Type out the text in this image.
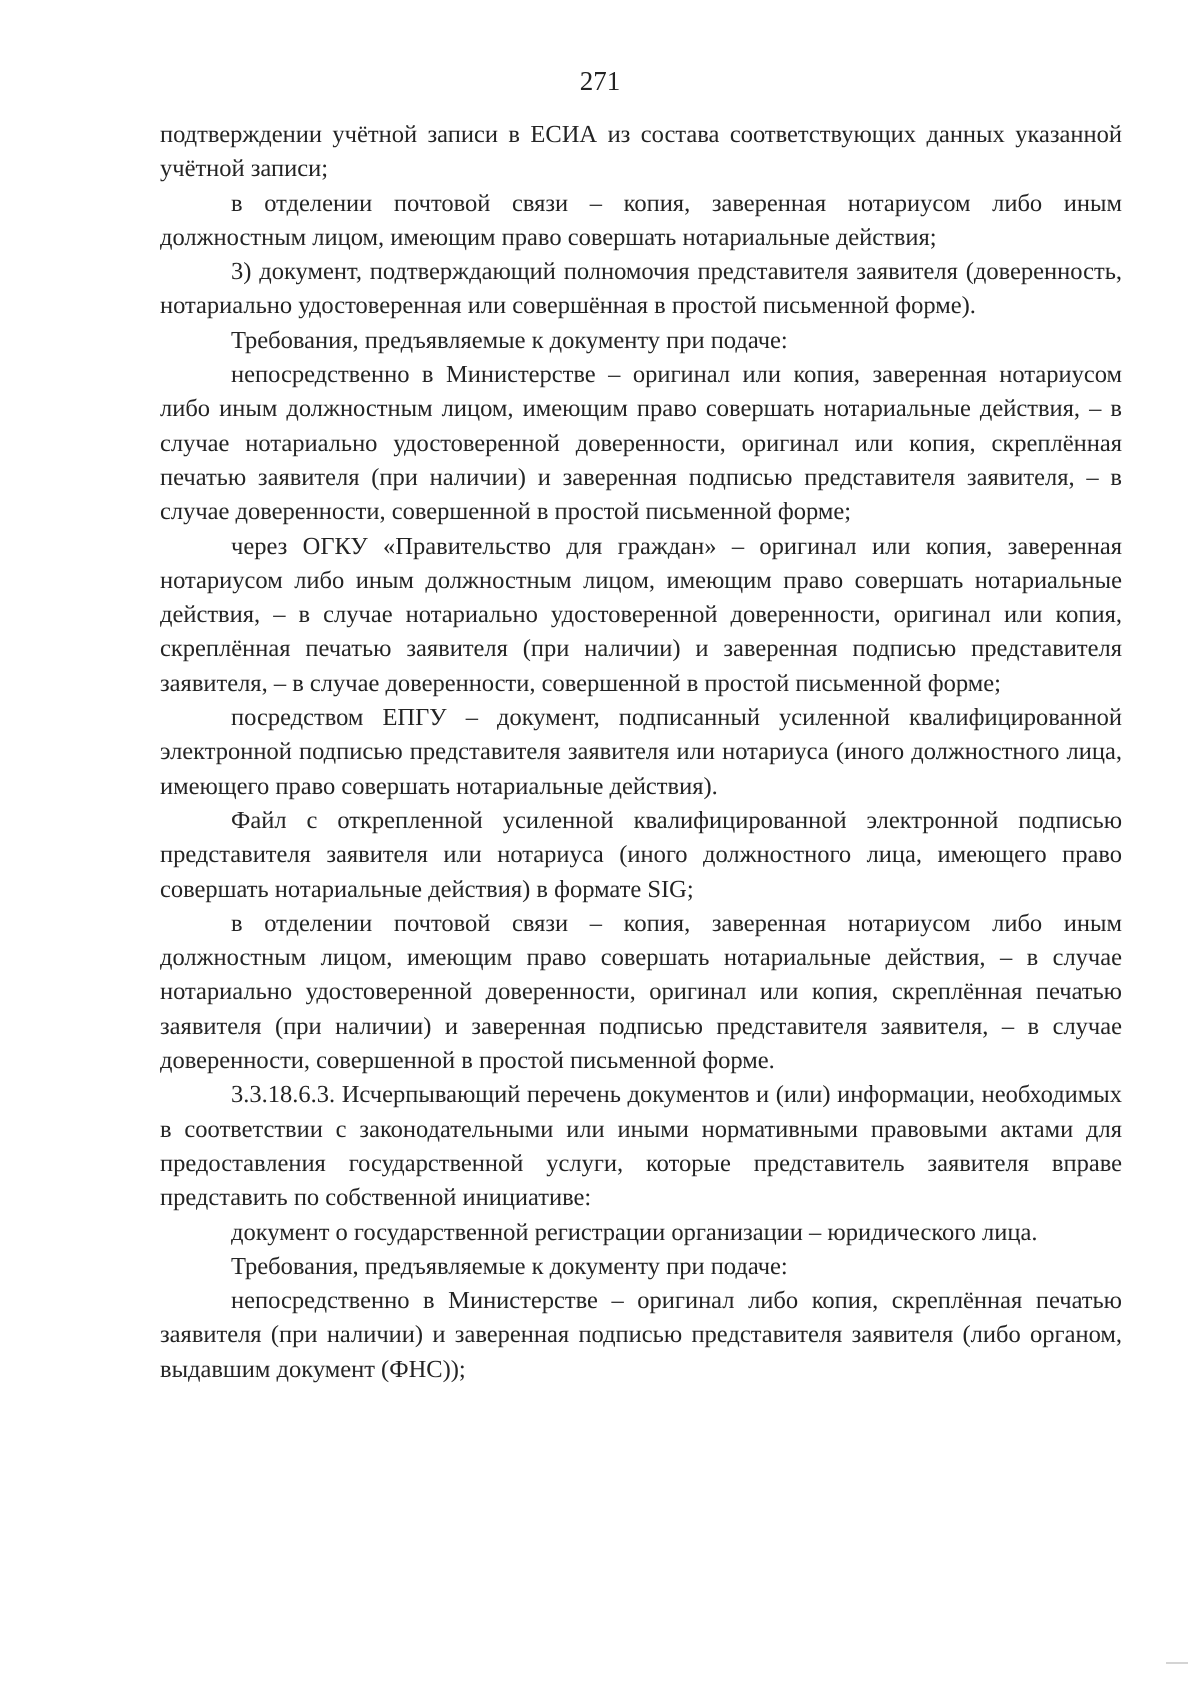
271

подтверждении учётной записи в ЕСИА из состава соответствующих данных указанной учётной записи;

в отделении почтовой связи – копия, заверенная нотариусом либо иным должностным лицом, имеющим право совершать нотариальные действия;

3) документ, подтверждающий полномочия представителя заявителя (доверенность, нотариально удостоверенная или совершённая в простой письменной форме).

Требования, предъявляемые к документу при подаче:

непосредственно в Министерстве – оригинал или копия, заверенная нотариусом либо иным должностным лицом, имеющим право совершать нотариальные действия, – в случае нотариально удостоверенной доверенности, оригинал или копия, скреплённая печатью заявителя (при наличии) и заверенная подписью представителя заявителя, – в случае доверенности, совершенной в простой письменной форме;

через ОГКУ «Правительство для граждан» – оригинал или копия, заверенная нотариусом либо иным должностным лицом, имеющим право совершать нотариальные действия, – в случае нотариально удостоверенной доверенности, оригинал или копия, скреплённая печатью заявителя (при наличии) и заверенная подписью представителя заявителя, – в случае доверенности, совершенной в простой письменной форме;

посредством ЕПГУ – документ, подписанный усиленной квалифицированной электронной подписью представителя заявителя или нотариуса (иного должностного лица, имеющего право совершать нотариальные действия).

Файл с открепленной усиленной квалифицированной электронной подписью представителя заявителя или нотариуса (иного должностного лица, имеющего право совершать нотариальные действия) в формате SIG;

в отделении почтовой связи – копия, заверенная нотариусом либо иным должностным лицом, имеющим право совершать нотариальные действия, – в случае нотариально удостоверенной доверенности, оригинал или копия, скреплённая печатью заявителя (при наличии) и заверенная подписью представителя заявителя, – в случае доверенности, совершенной в простой письменной форме.

3.3.18.6.3. Исчерпывающий перечень документов и (или) информации, необходимых в соответствии с законодательными или иными нормативными правовыми актами для предоставления государственной услуги, которые представитель заявителя вправе представить по собственной инициативе:

документ о государственной регистрации организации – юридического лица.

Требования, предъявляемые к документу при подаче:

непосредственно в Министерстве – оригинал либо копия, скреплённая печатью заявителя (при наличии) и заверенная подписью представителя заявителя (либо органом, выдавшим документ (ФНС));
